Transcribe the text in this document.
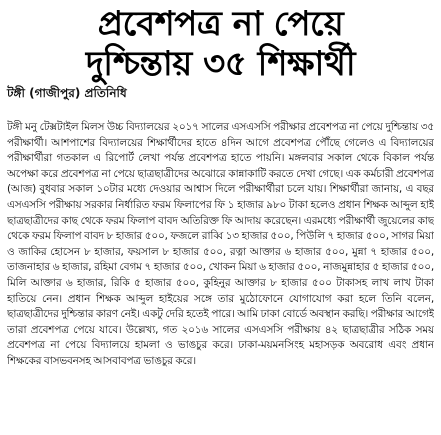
প্রবেশপত্র না পেয়ে
দুশ্চিন্তায় ৩৫ শিক্ষার্থী
টঙ্গী (গাজীপুর) প্রতিনিধি

টঙ্গী মনু টেক্সটাইল মিলস উচ্চ বিদ্যালয়ের ২০১৭ সালের এসএসসি পরীক্ষার প্রবেশপত্র না পেয়ে দুশ্চিন্তায় ৩৫ পরীক্ষার্থী। আশপাশের বিদ্যালয়ের শিক্ষার্থীদের হাতে ৪দিন আগে প্রবেশপত্র পৌঁছে গেলেও এ বিদ্যালয়ের পরীক্ষার্থীরা গতকাল এ রিপোর্ট লেখা পর্যন্ত প্রবেশপত্র হাতে পায়নি। মঙ্গলবার সকাল থেকে বিকাল পর্যন্ত অপেক্ষা করে প্রবেশপত্র না পেয়ে ছাত্রছাত্রীদের অঝোরে কান্নাকাটি করতে দেখা গেছে। এক কর্মচারী প্রবেশপত্র (আজ) বুধবার সকাল ১০টার মধ্যে দেওয়ার আশ্বাস দিলে পরীক্ষার্থীরা চলে যায়। শিক্ষার্থীরা জানায়, এ বছর এসএসসি পরীক্ষায় সরকার নির্ধারিত ফরম ফিলাপের ফি ১ হাজার ৯৮০ টাকা হলেও প্রধান শিক্ষক আব্দুল হাই ছাত্রছাত্রীদের কাছ থেকে ফরম ফিলাপ বাবদ অতিরিক্ত ফি আদায় করেছেন। এরমধ্যে পরীক্ষার্থী জুয়েলের কাছ থেকে ফরম ফিলাপ বাবদ ৮ হাজার ৫০০, ফজলে রাব্বি ১৩ হাজার ৫০০, পিউলি ৭ হাজার ৫০০, সাগর মিয়া ও জাকির হোসেন ৮ হাজার, ফয়সাল ৮ হাজার ৫০০, রত্না আক্তার ৬ হাজার ৫০০, মুন্না ৭ হাজার ৫০০, তাজনাহার ৬ হাজার, রহিমা বেগম ৭ হাজার ৫০০, খোকন মিয়া ৬ হাজার ৫০০, নাজমুন্নাহার ৫ হাজার ৫০০, মিলি আক্তার ৬ হাজার, রিকি ৫ হাজার ৫০০, কুহিনুর আক্তার ৮ হাজার ৫০০ টাকাসহ লাখ লাখ টাকা হাতিয়ে নেন। প্রধান শিক্ষক আব্দুল হাইয়ের সঙ্গে তার মুঠোফোনে যোগাযোগ করা হলে তিনি বলেন, ছাত্রছাত্রীদের দুশ্চিন্তার কারণ নেই। একটু দেরি হতেই পারে। আমি ঢাকা বোর্ডে অবস্থান করছি। পরীক্ষার আগেই তারা প্রবেশপত্র পেয়ে যাবে। উল্লেখ্য, গত ২০১৬ সালের এসএসসি পরীক্ষায় ৪২ ছাত্রছাত্রীর সঠিক সময় প্রবেশপত্র না পেয়ে বিদ্যালয়ে হামলা ও ভাঙচুর করে। ঢাকা-ময়মনসিংহ মহাসড়ক অবরোধ এবং প্রধান শিক্ষকের বাসভবনসহ আসবাবপত্র ভাঙচুর করে।
